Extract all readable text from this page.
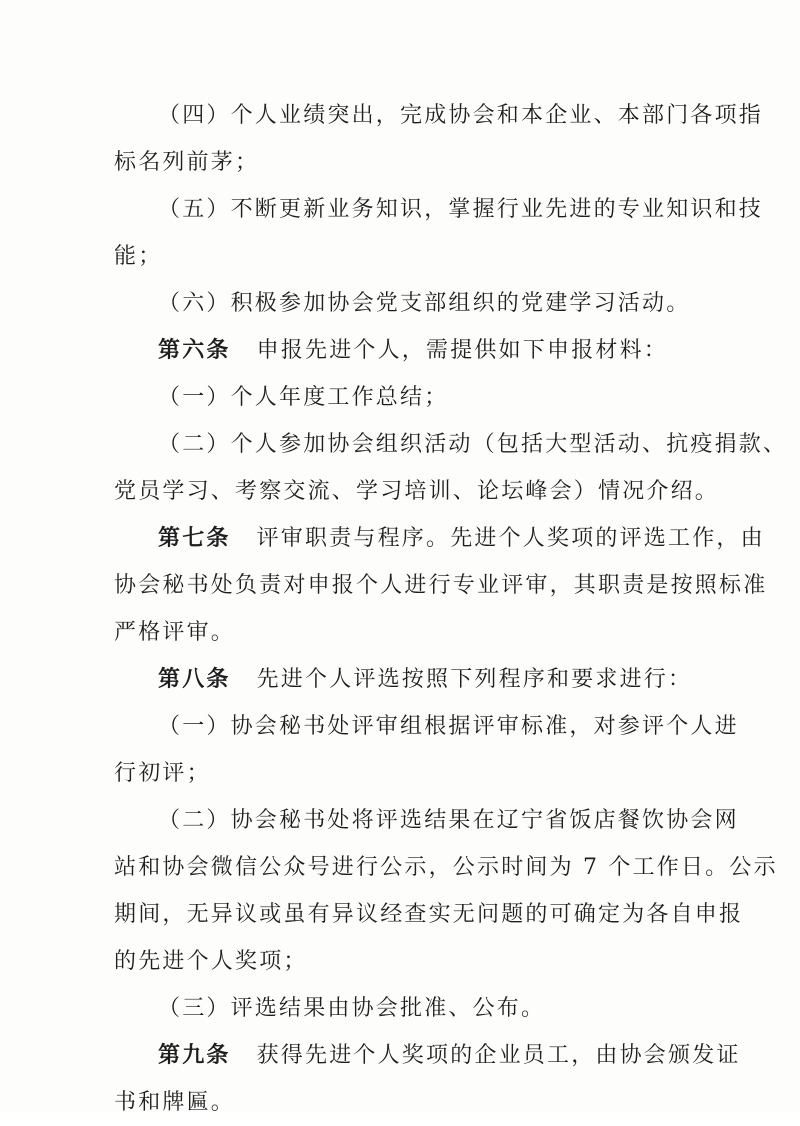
（四）个人业绩突出，完成协会和本企业、本部门各项指
标名列前茅；
（五）不断更新业务知识，掌握行业先进的专业知识和技
能；
（六）积极参加协会党支部组织的党建学习活动。
第六条 申报先进个人，需提供如下申报材料：
（一）个人年度工作总结；
（二）个人参加协会组织活动（包括大型活动、抗疫捐款、
党员学习、考察交流、学习培训、论坛峰会）情况介绍。
第七条 评审职责与程序。先进个人奖项的评选工作，由
协会秘书处负责对申报个人进行专业评审，其职责是按照标准
严格评审。
第八条 先进个人评选按照下列程序和要求进行：
（一）协会秘书处评审组根据评审标准，对参评个人进
行初评；
（二）协会秘书处将评选结果在辽宁省饭店餐饮协会网
站和协会微信公众号进行公示，公示时间为 7 个工作日。公示
期间，无异议或虽有异议经查实无问题的可确定为各自申报
的先进个人奖项；
（三）评选结果由协会批准、公布。
第九条 获得先进个人奖项的企业员工，由协会颁发证
书和牌匾。
